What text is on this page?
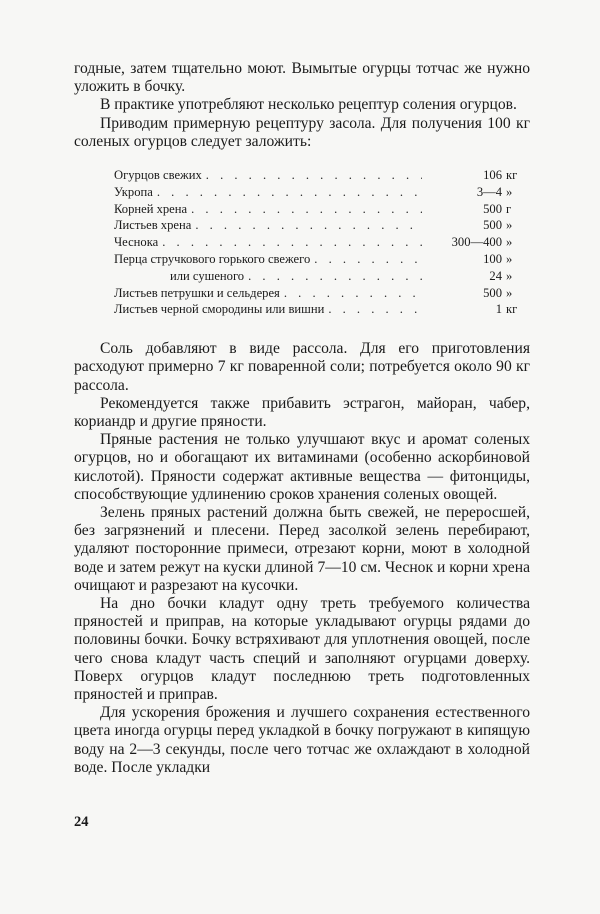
годные, затем тщательно моют. Вымытые огурцы тотчас же нужно уложить в бочку.

В практике употребляют несколько рецептур соления огурцов.

Приводим примерную рецептуру засола. Для получения 100 кг соленых огурцов следует заложить:

Огурцов свежих . . .	106 кг
Укропа . . .	3—4 »
Корней хрена . . .	500 г
Листьев хрена . . .	500 »
Чеснока . . .	300—400 »
Перца стручкового горького свежего . . .	100 »
или сушеного . . .	24 »
Листьев петрушки и сельдерея . . .	500 »
Листьев черной смородины или вишни . . .	1 кг

Соль добавляют в виде рассола. Для его приготовления расходуют примерно 7 кг поваренной соли; потребуется около 90 кг рассола.

Рекомендуется также прибавить эстрагон, майоран, чабер, кориандр и другие пряности.

Пряные растения не только улучшают вкус и аромат соленых огурцов, но и обогащают их витаминами (особенно аскорбиновой кислотой). Пряности содержат активные вещества — фитонциды, способствующие удлинению сроков хранения соленых овощей.

Зелень пряных растений должна быть свежей, не переросшей, без загрязнений и плесени. Перед засолкой зелень перебирают, удаляют посторонние примеси, отрезают корни, моют в холодной воде и затем режут на куски длиной 7—10 см. Чеснок и корни хрена очищают и разрезают на кусочки.

На дно бочки кладут одну треть требуемого количества пряностей и приправ, на которые укладывают огурцы рядами до половины бочки. Бочку встряхивают для уплотнения овощей, после чего снова кладут часть специй и заполняют огурцами доверху. Поверх огурцов кладут последнюю треть подготовленных пряностей и приправ.

Для ускорения брожения и лучшего сохранения естественного цвета иногда огурцы перед укладкой в бочку погружают в кипящую воду на 2—3 секунды, после чего тотчас же охлаждают в холодной воде. После укладки

24
